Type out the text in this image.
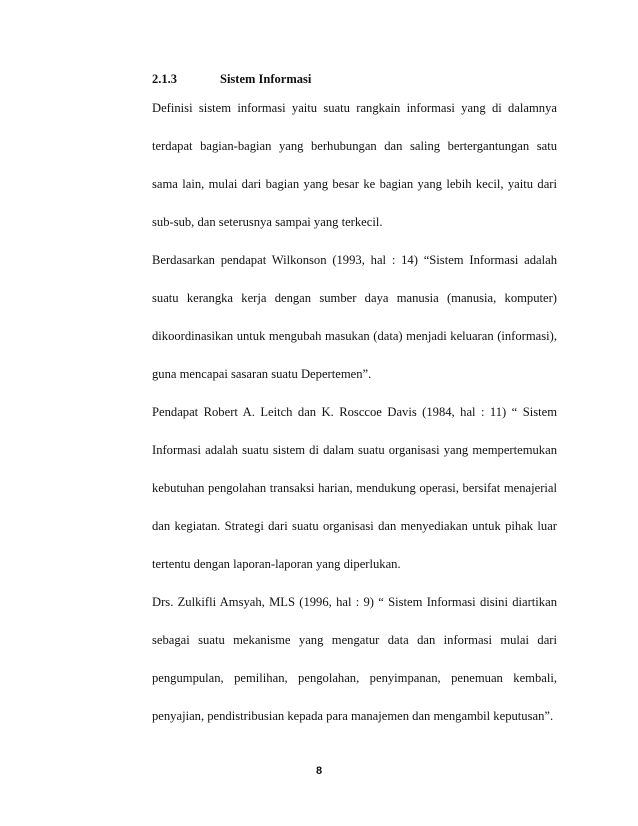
2.1.3	Sistem Informasi
Definisi sistem informasi yaitu suatu rangkain informasi yang di dalamnya
terdapat bagian-bagian yang berhubungan dan saling bertergantungan satu
sama lain, mulai dari bagian yang besar ke bagian yang lebih kecil, yaitu dari
sub-sub, dan seterusnya sampai yang terkecil.
Berdasarkan pendapat Wilkonson (1993, hal : 14) “Sistem Informasi adalah
suatu kerangka kerja dengan sumber daya manusia (manusia, komputer)
dikoordinasikan untuk mengubah masukan (data) menjadi keluaran (informasi),
guna mencapai sasaran suatu Depertemen”.
Pendapat Robert A. Leitch dan K. Rosccoe Davis (1984, hal : 11) “ Sistem
Informasi adalah suatu sistem di dalam suatu organisasi yang mempertemukan
kebutuhan pengolahan transaksi harian, mendukung operasi, bersifat menajerial
dan kegiatan. Strategi dari suatu organisasi dan menyediakan untuk pihak luar
tertentu dengan laporan-laporan yang diperlukan.
Drs. Zulkifli Amsyah, MLS (1996, hal : 9) “ Sistem Informasi disini diartikan
sebagai suatu mekanisme yang mengatur data dan informasi mulai dari
pengumpulan, pemilihan, pengolahan, penyimpanan, penemuan kembali,
penyajian, pendistribusian kepada para manajemen dan mengambil keputusan”.
8
